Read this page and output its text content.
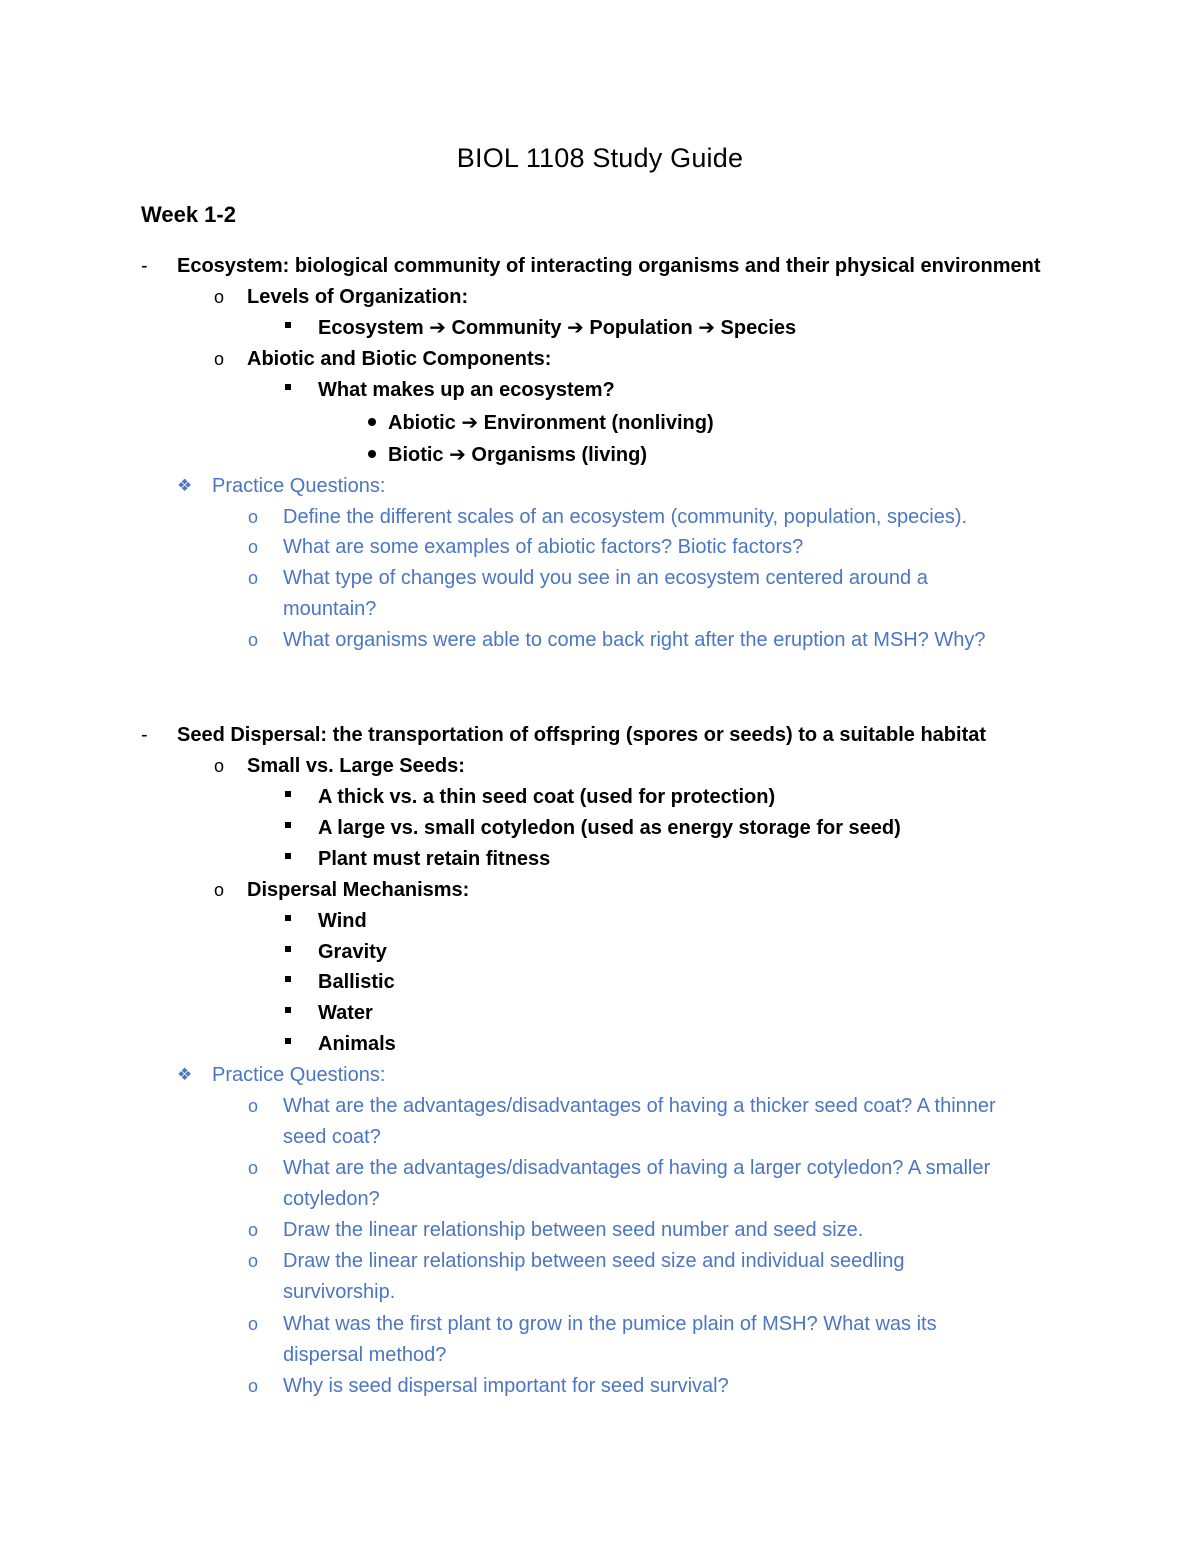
BIOL 1108 Study Guide
Week 1-2
- Ecosystem: biological community of interacting organisms and their physical environment
o Levels of Organization:
Ecosystem ➔ Community ➔ Population ➔ Species
o Abiotic and Biotic Components:
What makes up an ecosystem?
Abiotic ➔ Environment (nonliving)
Biotic ➔ Organisms (living)
❖ Practice Questions:
o Define the different scales of an ecosystem (community, population, species).
o What are some examples of abiotic factors? Biotic factors?
o What type of changes would you see in an ecosystem centered around a
mountain?
o What organisms were able to come back right after the eruption at MSH? Why?
- Seed Dispersal: the transportation of offspring (spores or seeds) to a suitable habitat
o Small vs. Large Seeds:
A thick vs. a thin seed coat (used for protection)
A large vs. small cotyledon (used as energy storage for seed)
Plant must retain fitness
o Dispersal Mechanisms:
Wind
Gravity
Ballistic
Water
Animals
❖ Practice Questions:
o What are the advantages/disadvantages of having a thicker seed coat? A thinner
seed coat?
o What are the advantages/disadvantages of having a larger cotyledon? A smaller
cotyledon?
o Draw the linear relationship between seed number and seed size.
o Draw the linear relationship between seed size and individual seedling
survivorship.
o What was the first plant to grow in the pumice plain of MSH? What was its
dispersal method?
o Why is seed dispersal important for seed survival?
